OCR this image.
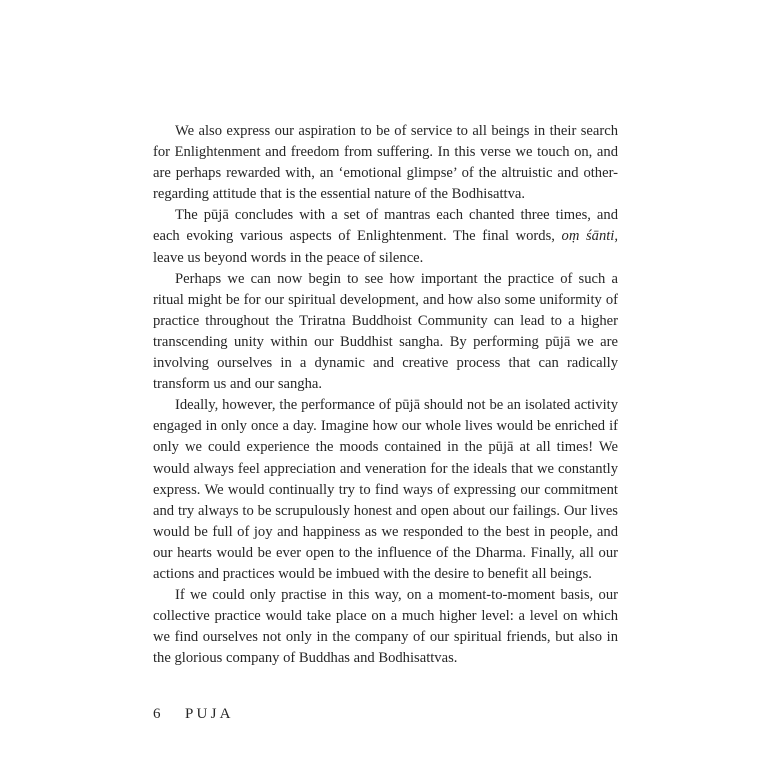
We also express our aspiration to be of service to all beings in their search for Enlightenment and freedom from suffering. In this verse we touch on, and are perhaps rewarded with, an ‘emotional glimpse’ of the altruistic and other-regarding attitude that is the essential nature of the Bodhisattva.

The pūjā concludes with a set of mantras each chanted three times, and each evoking various aspects of Enlightenment. The final words, oṃ śānti, leave us beyond words in the peace of silence.

Perhaps we can now begin to see how important the practice of such a ritual might be for our spiritual development, and how also some uniformity of practice throughout the Triratna Buddhoist Community can lead to a higher transcending unity within our Buddhist sangha. By performing pūjā we are involving ourselves in a dynamic and creative process that can radically transform us and our sangha.

Ideally, however, the performance of pūjā should not be an isolated activity engaged in only once a day. Imagine how our whole lives would be enriched if only we could experience the moods contained in the pūjā at all times! We would always feel appreciation and veneration for the ideals that we constantly express. We would continually try to find ways of expressing our commitment and try always to be scrupulously honest and open about our failings. Our lives would be full of joy and happiness as we responded to the best in people, and our hearts would be ever open to the influence of the Dharma. Finally, all our actions and practices would be imbued with the desire to benefit all beings.

If we could only practise in this way, on a moment-to-moment basis, our collective practice would take place on a much higher level: a level on which we find ourselves not only in the company of our spiritual friends, but also in the glorious company of Buddhas and Bodhisattvas.

6	PUJA
